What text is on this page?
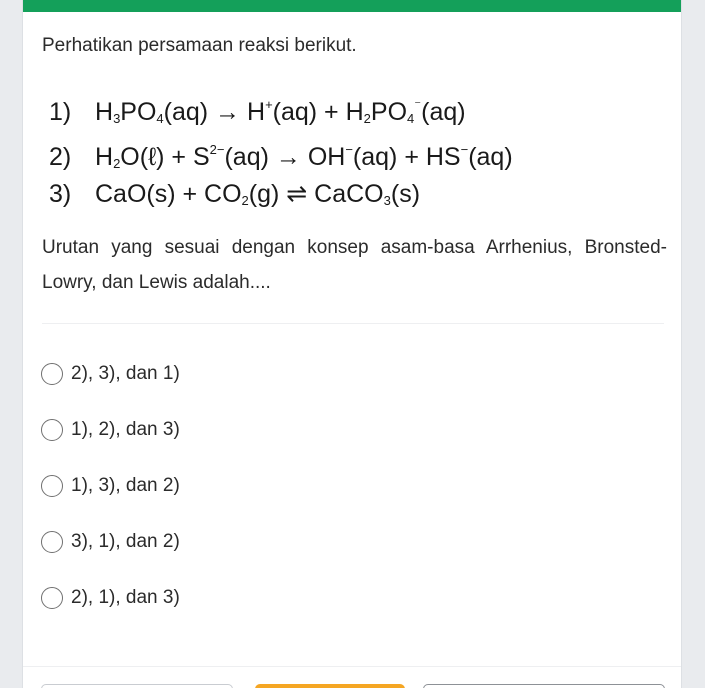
Perhatikan persamaan reaksi berikut.
1) $H_3PO_4(aq) \to H^+(aq) + H_2PO_4^{^-}(aq)$
2) $H_2O(\ell) + S^{2-}(aq) \to OH^-(aq) + HS^-(aq)$
3) $CaO(s) + CO_2(g)$ ⇌ CaCO$_3$(s)
Urutan yang sesuai dengan konsep asam-basa Arrhenius, Bronsted-Lowry, dan Lewis adalah....
2), 3), dan 1)
1), 2), dan 3)
1), 3), dan 2)
3), 1), dan 2)
2), 1), dan 3)
